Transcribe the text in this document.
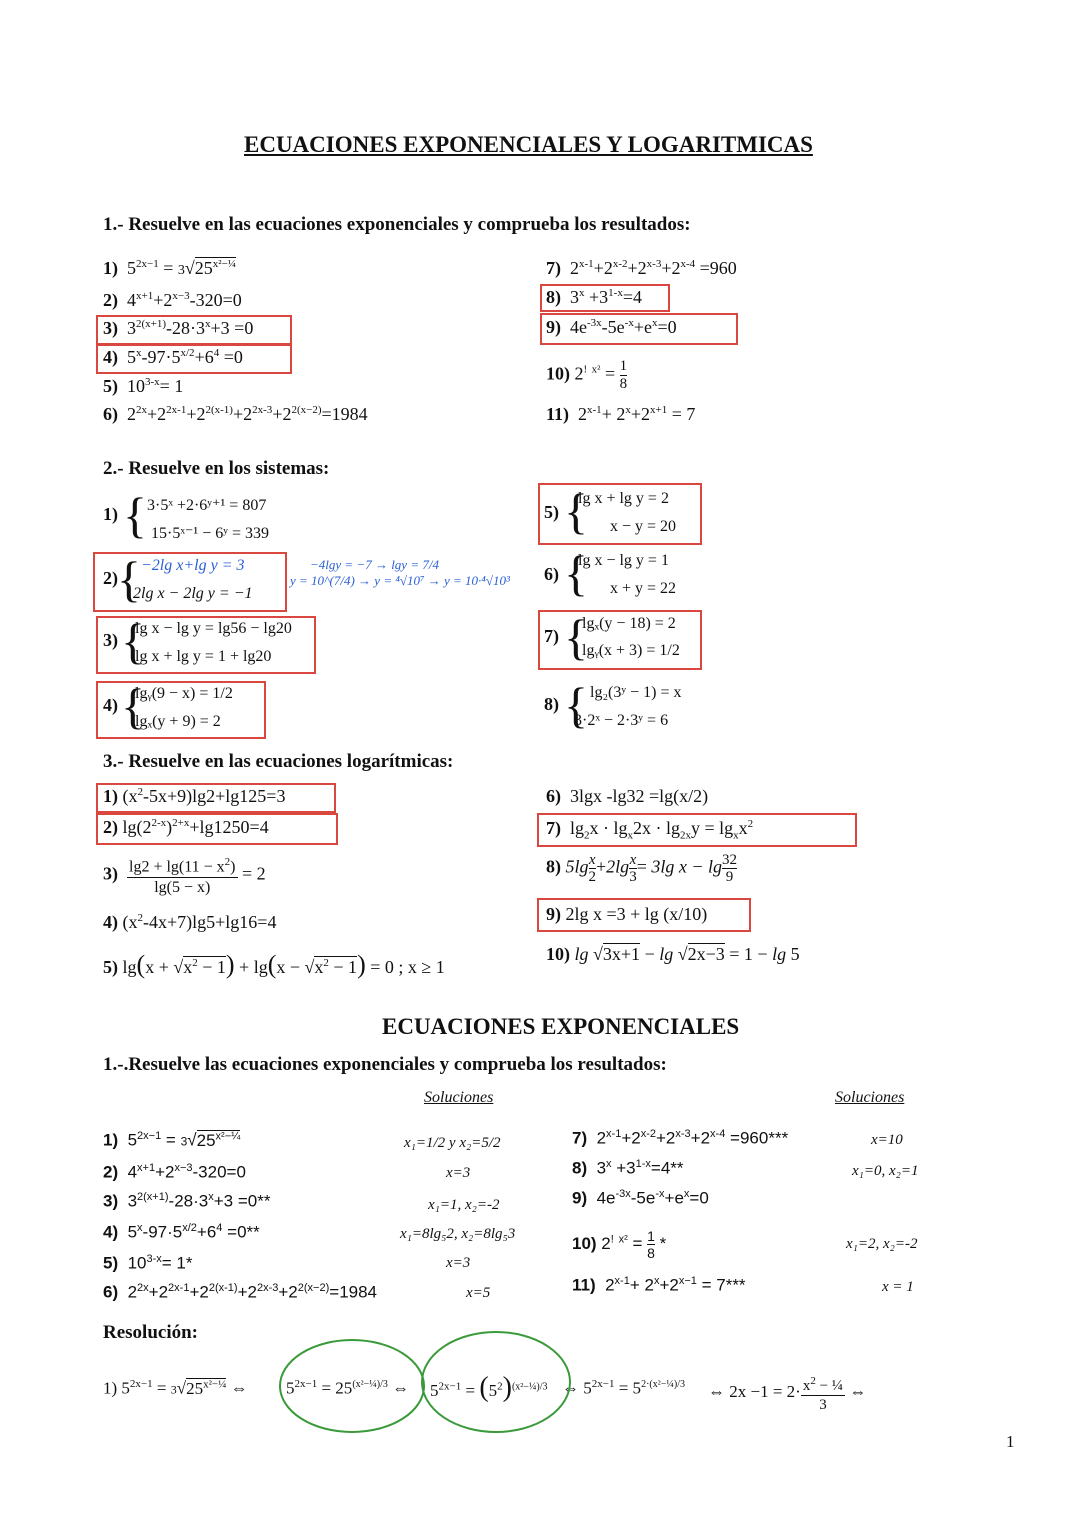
ECUACIONES EXPONENCIALES Y LOGARITMICAS
1.- Resuelve en las ecuaciones exponenciales y comprueba los resultados:
1)  $5^{2x-1} = 3√25^{x^2-\frac{1}{4}}$
2)  $4^{x+1}+2^{x-3}-320=0$
3)  $3^{2(x+1)}-28\cdot 3^x+3 =0$
4)  $5^x-97\cdot 5^{x/2}+6^4 =0$
5)  $10^{3-x}= 1$
6)  $2^{2x}+2^{2x-1}+2^{2(x-1)}+2^{2x-3}+2^{2(x-2)}=1984$
7)  $2^{x-1}+2^{x-2}+2^{x-3}+2^{x-4} =960$
8)  $3^x +3^{1-x}=4$
9)  $4e^{-3x}-5e^{-x}+e^x=0$
10) 2! $^{x^2} = \frac{1}{8}$
11)  $2^{x-1}+ 2^x+2^{x+1} = 7$
2.- Resuelve en los sistemas:
1) { 3·5ˣ +2·6ʸ⁺¹ = 807
15·5ˣ⁻¹ − 6ʸ = 339
2) { −2lg x+lg y = 3
2lg x − 2lg y = −1
−4lgy = −7 → lgy = 7/4
y = 10^(7/4) → y = ⁴√10⁷ → y = 10·⁴√10³
3) {
lg x − lg y = lg56 − lg20
lg x + lg y = 1 + lg20
4) {
lgᵧ(9 − x) = 1/2
lgₓ(y + 9) = 2
5) {
lg x + lg y = 2
x − y = 20
6) {
lg x − lg y = 1
x + y = 22
7) {
lgₓ(y − 18) = 2
lgᵧ(x + 3) = 1/2
8) { lg₂(3ʸ − 1) = x
3·2ˣ − 2·3ʸ = 6
3.- Resuelve en las ecuaciones logarítmicas:
1) $(x^2-5x+9)\lg 2+\lg 125=3$
2) $\lg(2^{2-x})^{2+x}+\lg 1250=4$
$3) \frac{\lg 2 + \lg(11 - x^2)}{\lg(5 - x)} = 2$
4) $(x^2-4x+7)\lg 5+\lg 16=4$
5) $\lg(x + √x^2 - 1) + \lg(x - √x^2 - 1) = 0$ ; x ≥ 1
6)  3lgx -lg32 =lg(x/2)
7)  $\lg_2x \cdot \lg_x2x \cdot \lg_{2x}y = \lg_xx^2$
8) $5\lg \frac{x}{2} +2\lg \frac{x}{3} = 3\lg$ $x - \lg \frac{32}{9}$
9) 2lg x =3 + lg (x/10)
10) lg √3x+1 − lg √2x−3 = 1 − lg 5
ECUACIONES EXPONENCIALES
1.-.Resuelve las ecuaciones exponenciales y comprueba los resultados:
Soluciones	Soluciones
1)  $5^{2x-1} = 3√25^{x^2-\frac{1}{4}}$	x₁=1/2 y x₂=5/2
2)  $4^{x+1}+2^{x-3}-320=0$	x=3
3)  $3^{2(x+1)}-28\cdot 3^x+3 =0**$	x₁=1, x₂=-2
4)  $5^x-97\cdot 5^{x/2}+6^4 =0**$	x₁=8lg₅2, x₂=8lg₅3
5)  $10^{3-x}= 1*$	x=3
6)  $2^{2x}+2^{2x-1}+2^{2(x-1)}+2^{2x-3}+2^{2(x-2)}=1984$	x=5
7)  $2^{x-1}+2^{x-2}+2^{x-3}+2^{x-4} =960***$	x=10
8)  $3^x +3^{1-x}=4**$	x₁=0, x₂=1
9)  $4e^{-3x}-5e^{-x}+e^x=0$
10) 2! $^{x^2} = \frac{1}{8}$ *	x₁=2, x₂=-2
11)  $2^{x-1}+ 2^x+2^{x-1} = 7***$	x = 1
Resolución:
1) $5^{2x-1} = 3√25^{x^2-\frac{1}{4}}$ ⇔ $5^{2x-1} = 25^{(x^2-\frac{1}{4})/3}$ ⇔ $5^{2x-1} = (5^2)^{(x^2-\frac{1}{4})/3}$ ⇔ $5^{2x-1} = 5^{2\cdot(x^2-\frac{1}{4})/3}$ ⇔ $2x -1 = 2\cdot \frac{x^2 - \frac{1}{4}}{3}$ ⇔
1
